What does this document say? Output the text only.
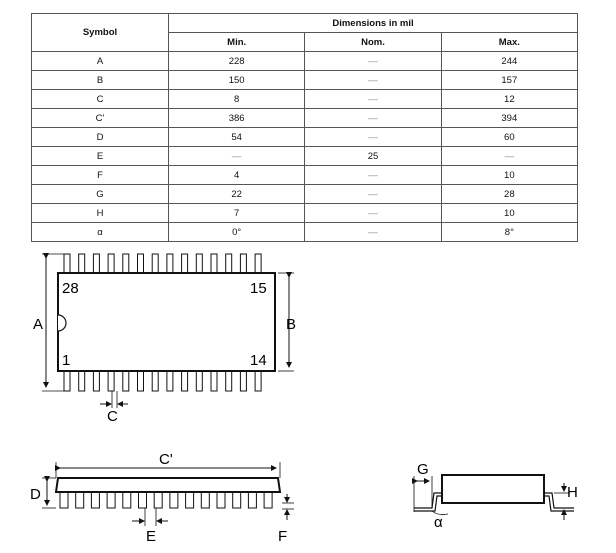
Symbol	Dimensions in mil		
	Min.	Nom.	Max.
A	228	—	244
B	150	—	157
C	8	—	12
C'	386	—	394
D	54	—	60
E	—	25	—
F	4	—	10
G	22	—	28
H	7	—	10
α	0°	—	8°
28	15
1	14
A	B
C
C'
D
E	F
G
H
α
